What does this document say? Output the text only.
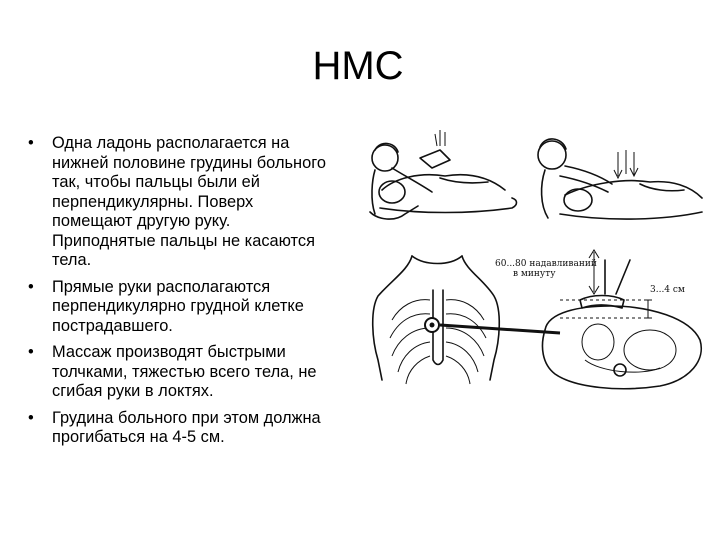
НМС
• Одна ладонь располагается на нижней половине грудины больного так, чтобы пальцы были ей перпендикулярны. Поверх помещают другую руку. Приподнятые пальцы не касаются тела.
• Прямые руки располагаются перпендикулярно грудной клетке пострадавшего.
• Массаж производят быстрыми толчками, тяжестью всего тела, не сгибая руки в локтях.
• Грудина больного при этом должна прогибаться на 4-5 см.
60...80 надавливаний
в минуту
3...4 см
